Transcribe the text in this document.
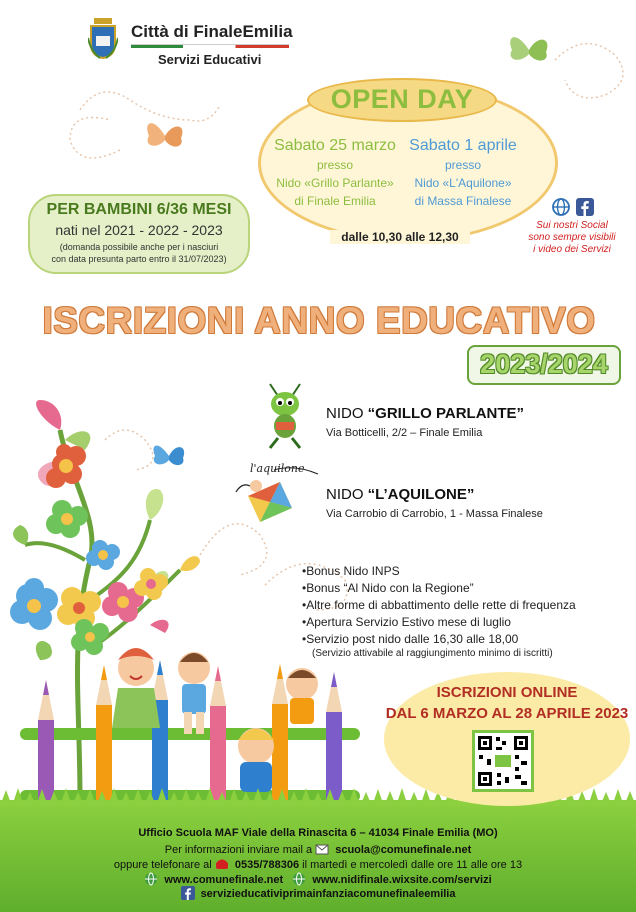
Città di FinaleEmilia
Servizi Educativi
OPEN DAY
Sabato 25 marzo
presso
Nido «Grillo Parlante»
di Finale Emilia
Sabato 1 aprile
presso
Nido «L'Aquilone»
di Massa Finalese
dalle 10,30 alle 12,30
Sui nostri Social
sono sempre visibili
i video dei Servizi
PER BAMBINI 6/36 MESI
nati nel 2021 - 2022 - 2023
(domanda possibile anche per i nasciuri
con data presunta parto entro il 31/07/2023)
ISCRIZIONI ANNO EDUCATIVO
2023/2024
NIDO “GRILLO PARLANTE”
Via Botticelli, 2/2 – Finale Emilia
l'aquilone
NIDO “L’AQUILONE”
Via Carrobio di Carrobio, 1 - Massa Finalese
•Bonus Nido INPS
•Bonus “Al Nido con la Regione”
•Altre forme di abbattimento delle rette di frequenza
•Apertura Servizio Estivo mese di luglio
•Servizio post nido dalle 16,30 alle 18,00
(Servizio attivabile al raggiungimento minimo di iscritti)
ISCRIZIONI ONLINE
DAL 6 MARZO AL 28 APRILE 2023
Ufficio Scuola MAF Viale della Rinascita 6 – 41034 Finale Emilia (MO)
Per informazioni inviare mail a scuola@comunefinale.net
oppure telefonare al 0535/788306 il martedì e mercoledì dalle ore 11 alle ore 13
www.comunefinale.net	www.nidifinale.wixsite.com/servizi
servizieducativiprimainfanziacomunefinaleemilia
